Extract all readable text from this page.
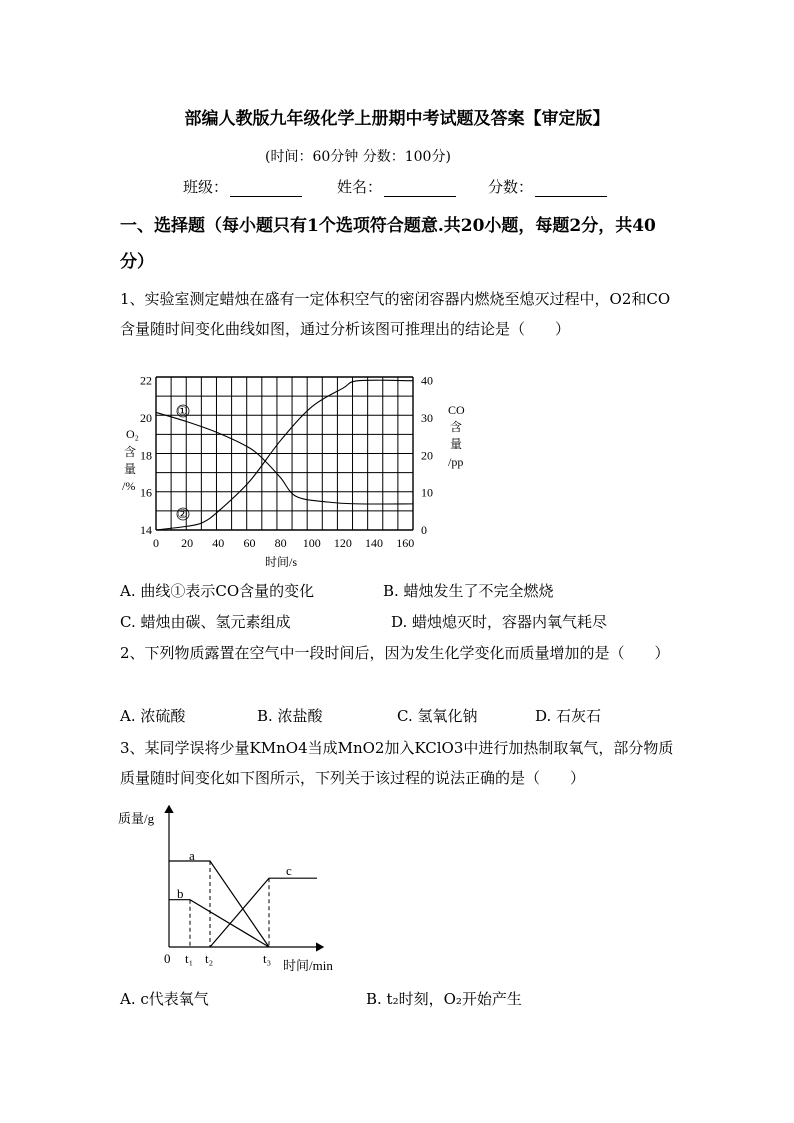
部编人教版九年级化学上册期中考试题及答案【审定版】
(时间：60分钟 分数：100分)
班级：	姓名：	分数：
一、选择题（每小题只有1个选项符合题意.共20小题，每题2分，共40分）
1、实验室测定蜡烛在盛有一定体积空气的密闭容器内燃烧至熄灭过程中，O2和CO含量随时间变化曲线如图，通过分析该图可推理出的结论是（　　）
0 20 40 60 80 100 120 140 160
14
16
18
20
22
0
10
20
30
40
O₂
含
量
/%
CO
含
量
/pp
时间/s
①
②
A. 曲线①表示CO含量的变化	B. 蜡烛发生了不完全燃烧
C. 蜡烛由碳、氢元素组成	D. 蜡烛熄灭时，容器内氧气耗尽
2、下列物质露置在空气中一段时间后，因为发生化学变化而质量增加的是（　　）
A. 浓硫酸	B. 浓盐酸	C. 氢氧化钠	D. 石灰石
3、某同学误将少量KMnO4当成MnO2加入KClO3中进行加热制取氧气，部分物质质量随时间变化如下图所示，下列关于该过程的说法正确的是（　　）
质量/g
0 t₁ t₂	t₃ 时间/min
a
b
c
A. c代表氧气	B. t₂时刻，O₂开始产生
